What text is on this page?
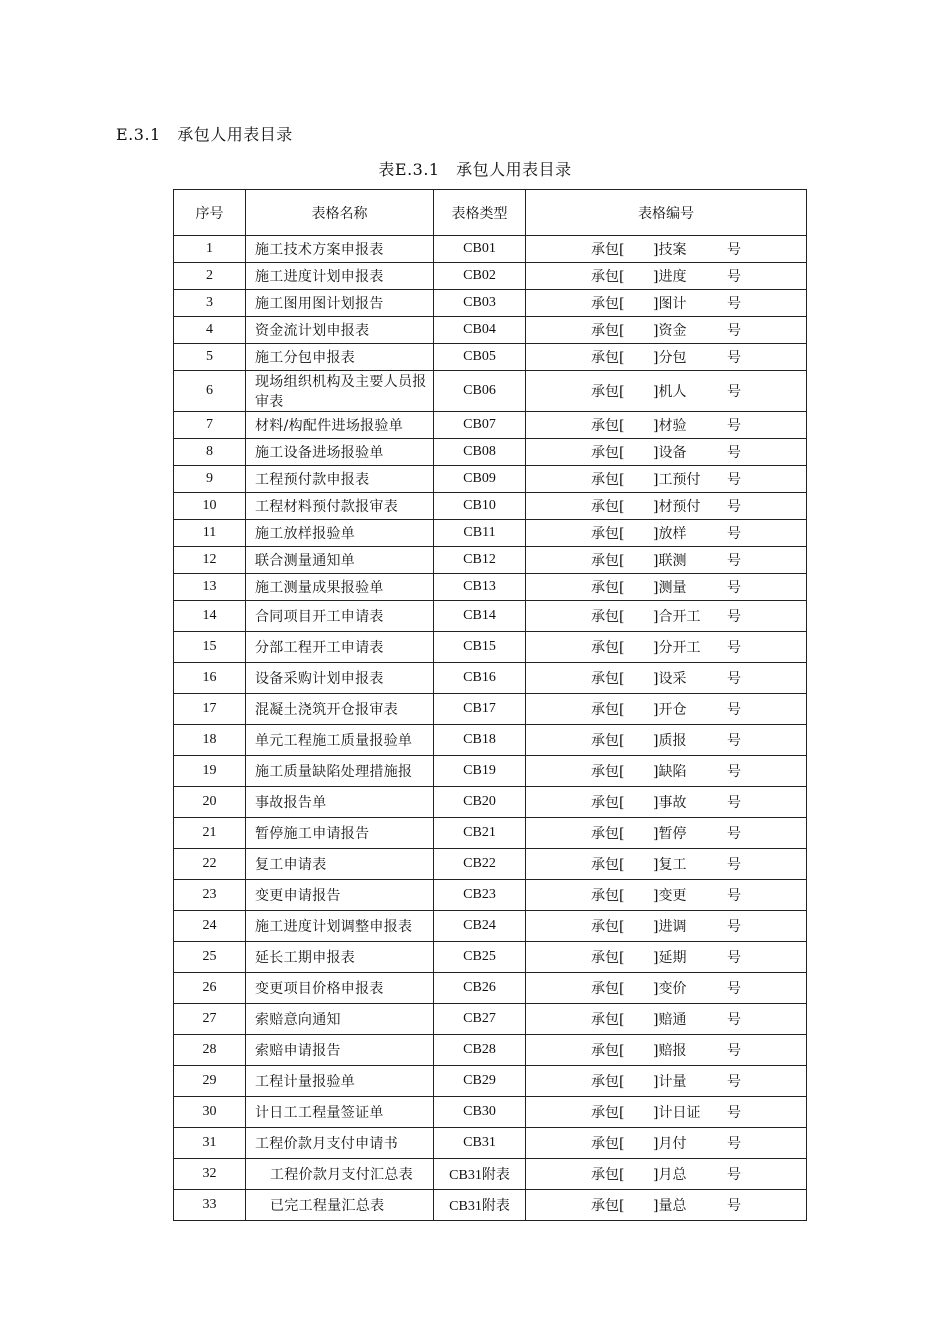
E.3.1　承包人用表目录
表E.3.1　承包人用表目录
序号	表格名称	表格类型	表格编号
1	施工技术方案申报表	CB01	承包[ ]技案 号

2	施工进度计划申报表	CB02	承包[ ]进度 号

3	施工图用图计划报告	CB03	承包[ ]图计 号

4	资金流计划申报表	CB04	承包[ ]资金 号

5	施工分包申报表	CB05	承包[ ]分包 号

6	现场组织机构及主要人员报审表	CB06	承包[ ]机人 号

7	材料/构配件进场报验单	CB07	承包[ ]材验 号

8	施工设备进场报验单	CB08	承包[ ]设备 号

9	工程预付款申报表	CB09	承包[ ]工预付 号

10	工程材料预付款报审表	CB10	承包[ ]材预付 号

11	施工放样报验单	CB11	承包[ ]放样 号

12	联合测量通知单	CB12	承包[ ]联测 号

13	施工测量成果报验单	CB13	承包[ ]测量 号

14	合同项目开工申请表	CB14	承包[ ]合开工 号

15	分部工程开工申请表	CB15	承包[ ]分开工 号

16	设备采购计划申报表	CB16	承包[ ]设采 号

17	混凝土浇筑开仓报审表	CB17	承包[ ]开仓 号

18	单元工程施工质量报验单	CB18	承包[ ]质报 号

19	施工质量缺陷处理措施报	CB19	承包[ ]缺陷 号

20	事故报告单	CB20	承包[ ]事故 号

21	暂停施工申请报告	CB21	承包[ ]暂停 号

22	复工申请表	CB22	承包[ ]复工 号

23	变更申请报告	CB23	承包[ ]变更 号

24	施工进度计划调整申报表	CB24	承包[ ]进调 号

25	延长工期申报表	CB25	承包[ ]延期 号

26	变更项目价格申报表	CB26	承包[ ]变价 号

27	索赔意向通知	CB27	承包[ ]赔通 号

28	索赔申请报告	CB28	承包[ ]赔报 号

29	工程计量报验单	CB29	承包[ ]计量 号

30	计日工工程量签证单	CB30	承包[ ]计日证 号

31	工程价款月支付申请书	CB31	承包[ ]月付 号

32	工程价款月支付汇总表	CB31附表	承包[ ]月总 号

33	已完工程量汇总表	CB31附表	承包[ ]量总 号
